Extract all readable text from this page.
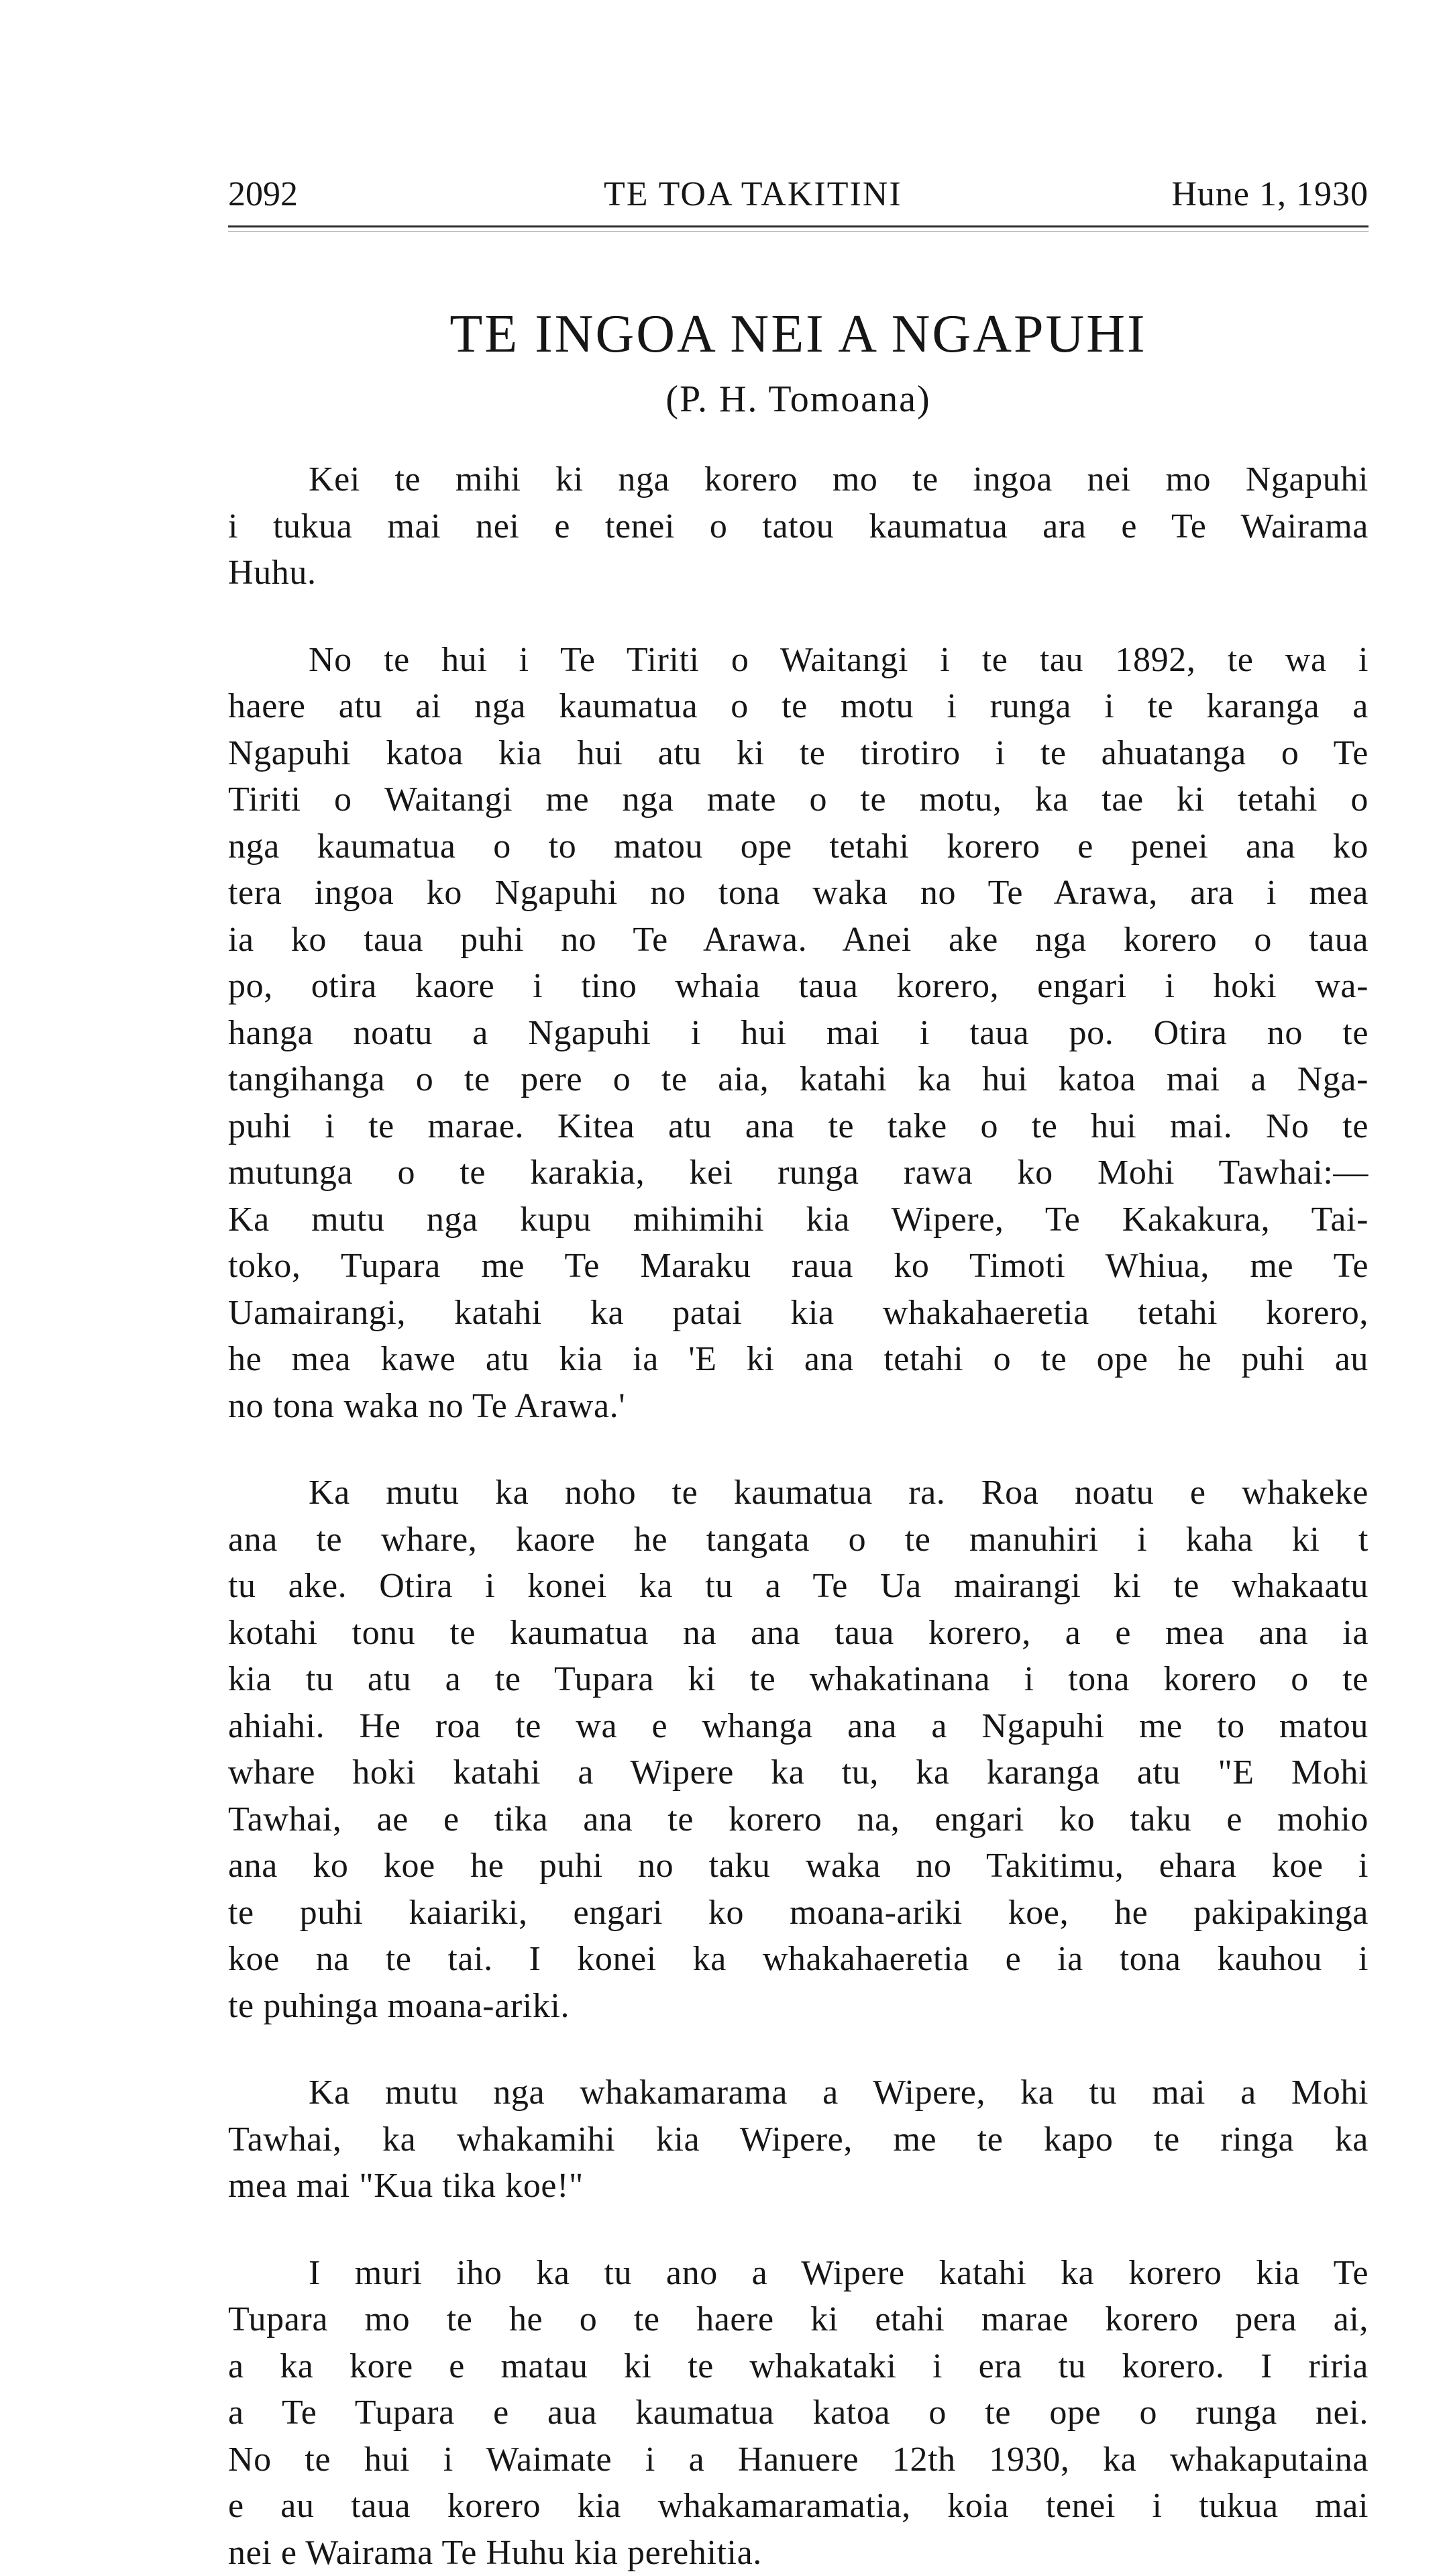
2092	TE TOA TAKITINI	Hune 1, 1930
TE INGOA NEI A NGAPUHI
(P. H. Tomoana)

Kei te mihi ki nga korero mo te ingoa nei mo Ngapuhi
i tukua mai nei e tenei o tatou kaumatua ara e Te Wairama
Huhu.

No te hui i Te Tiriti o Waitangi i te tau 1892, te wa i
haere atu ai nga kaumatua o te motu i runga i te karanga a
Ngapuhi katoa kia hui atu ki te tirotiro i te ahuatanga o Te
Tiriti o Waitangi me nga mate o te motu, ka tae ki tetahi o
nga kaumatua o to matou ope tetahi korero e penei ana ko
tera ingoa ko Ngapuhi no tona waka no Te Arawa, ara i mea
ia ko taua puhi no Te Arawa. Anei ake nga korero o taua
po, otira kaore i tino whaia taua korero, engari i hoki wa-
hanga noatu a Ngapuhi i hui mai i taua po. Otira no te
tangihanga o te pere o te aia, katahi ka hui katoa mai a Nga-
puhi i te marae. Kitea atu ana te take o te hui mai. No te
mutunga o te karakia, kei runga rawa ko Mohi Tawhai:—
Ka mutu nga kupu mihimihi kia Wipere, Te Kakakura, Tai-
toko, Tupara me Te Maraku raua ko Timoti Whiua, me Te
Uamairangi, katahi ka patai kia whakahaeretia tetahi korero,
he mea kawe atu kia ia 'E ki ana tetahi o te ope he puhi au
no tona waka no Te Arawa.'

Ka mutu ka noho te kaumatua ra. Roa noatu e whakeke
ana te whare, kaore he tangata o te manuhiri i kaha ki t
tu ake. Otira i konei ka tu a Te Ua mairangi ki te whakaatu
kotahi tonu te kaumatua na ana taua korero, a e mea ana ia
kia tu atu a te Tupara ki te whakatinana i tona korero o te
ahiahi. He roa te wa e whanga ana a Ngapuhi me to matou
whare hoki katahi a Wipere ka tu, ka karanga atu "E Mohi
Tawhai, ae e tika ana te korero na, engari ko taku e mohio
ana ko koe he puhi no taku waka no Takitimu, ehara koe i
te puhi kaiariki, engari ko moana-ariki koe, he pakipakinga
koe na te tai. I konei ka whakahaeretia e ia tona kauhou i
te puhinga moana-ariki.

Ka mutu nga whakamarama a Wipere, ka tu mai a Mohi
Tawhai, ka whakamihi kia Wipere, me te kapo te ringa ka
mea mai "Kua tika koe!"

I muri iho ka tu ano a Wipere katahi ka korero kia Te
Tupara mo te he o te haere ki etahi marae korero pera ai,
a ka kore e matau ki te whakataki i era tu korero. I riria
a Te Tupara e aua kaumatua katoa o te ope o runga nei.
No te hui i Waimate i a Hanuere 12th 1930, ka whakaputaina
e au taua korero kia whakamaramatia, koia tenei i tukua mai
nei e Wairama Te Huhu kia perehitia.
